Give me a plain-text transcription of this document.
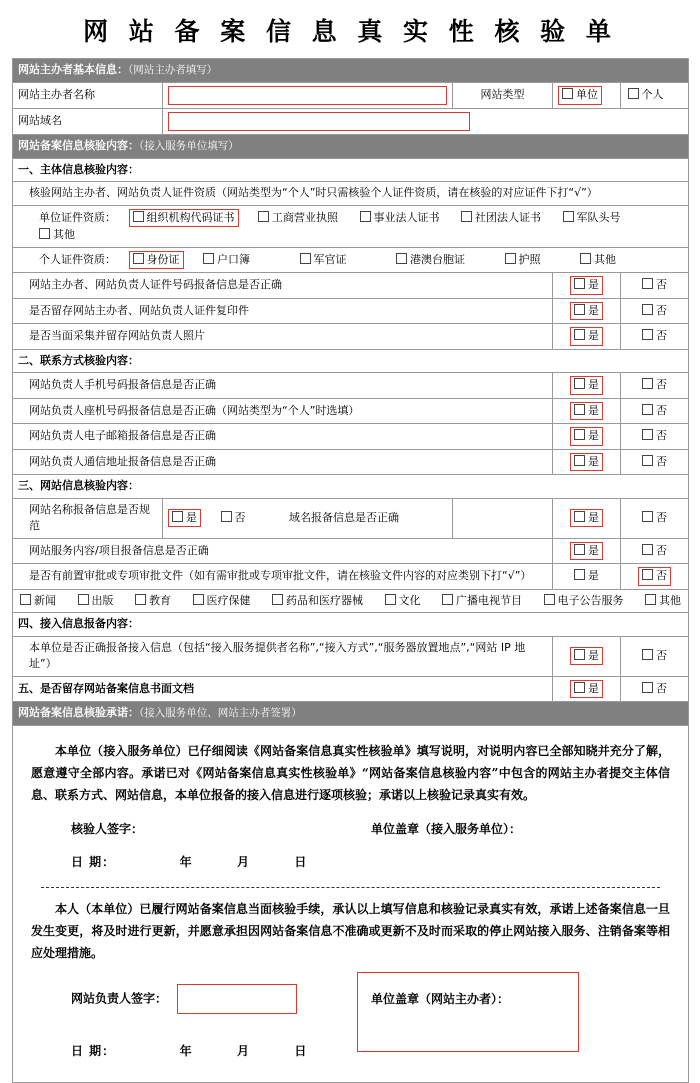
网 站 备 案 信 息 真 实 性 核 验 单
网站主办者基本信息：（网站主办者填写）				
网站主办者名称		网站类型	单位	个人
网站域名				

网站备案信息核验内容：（接入服务单位填写）				
一、主体信息核验内容：				
核验网站主办者、网站负责人证件资质（网站类型为“个人”时只需核验个人证件资质，请在核验的对应证件下打“√”）				
单位证件资质： 组织机构代码证书 工商营业执照 事业法人证书 社团法人证书 军队头号 其他				
个人证件资质： 身份证 户口簿 军官证 港澳台胞证 护照 其他				
网站主办者、网站负责人证件号码报备信息是否正确			是	否
是否留存网站主办者、网站负责人证件复印件			是	否
是否当面采集并留存网站负责人照片			是	否
二、联系方式核验内容：				
网站负责人手机号码报备信息是否正确			是	否
网站负责人座机号码报备信息是否正确（网站类型为“个人”时选填）			是	否
网站负责人电子邮箱报备信息是否正确			是	否
网站负责人通信地址报备信息是否正确			是	否
三、网站信息核验内容：				
网站名称报备信息是否规范	是 否 域名报备信息是否正确		是	否
网站服务内容/项目报备信息是否正确			是	否
是否有前置审批或专项审批文件（如有需审批或专项审批文件，请在核验文件内容的对应类别下打“√”）			是	否
新闻 出版 教育 医疗保健 药品和医疗器械 文化 广播电视节目 电子公告服务 其他				
四、接入信息报备内容：				
本单位是否正确报备接入信息（包括“接入服务提供者名称”,“接入方式”,“服务器放置地点”,“网站 IP 地址”）			是	否
五、是否留存网站备案信息书面文档			是	否
网站备案信息核验承诺：（接入服务单位、网站主办者签署）				

本单位（接入服务单位）已仔细阅读《网站备案信息真实性核验单》填写说明，对说明内容已全部知晓并充分了解，愿意遵守全部内容。承诺已对《网站备案信息真实性核验单》“网站备案信息核验内容”中包含的网站主办者提交主体信息、联系方式、网站信息，本单位报备的接入信息进行逐项核验；承诺以上核验记录真实有效。

核验人签字：	单位盖章（接入服务单位）：
日 期：	年	月	日

本人（本单位）已履行网站备案信息当面核验手续，承认以上填写信息和核验记录真实有效，承诺上述备案信息一旦发生变更，将及时进行更新，并愿意承担因网站备案信息不准确或更新不及时而采取的停止网站接入服务、注销备案等相应处理措施。

网站负责人签字：	单位盖章（网站主办者）：
日 期：	年	月	日
